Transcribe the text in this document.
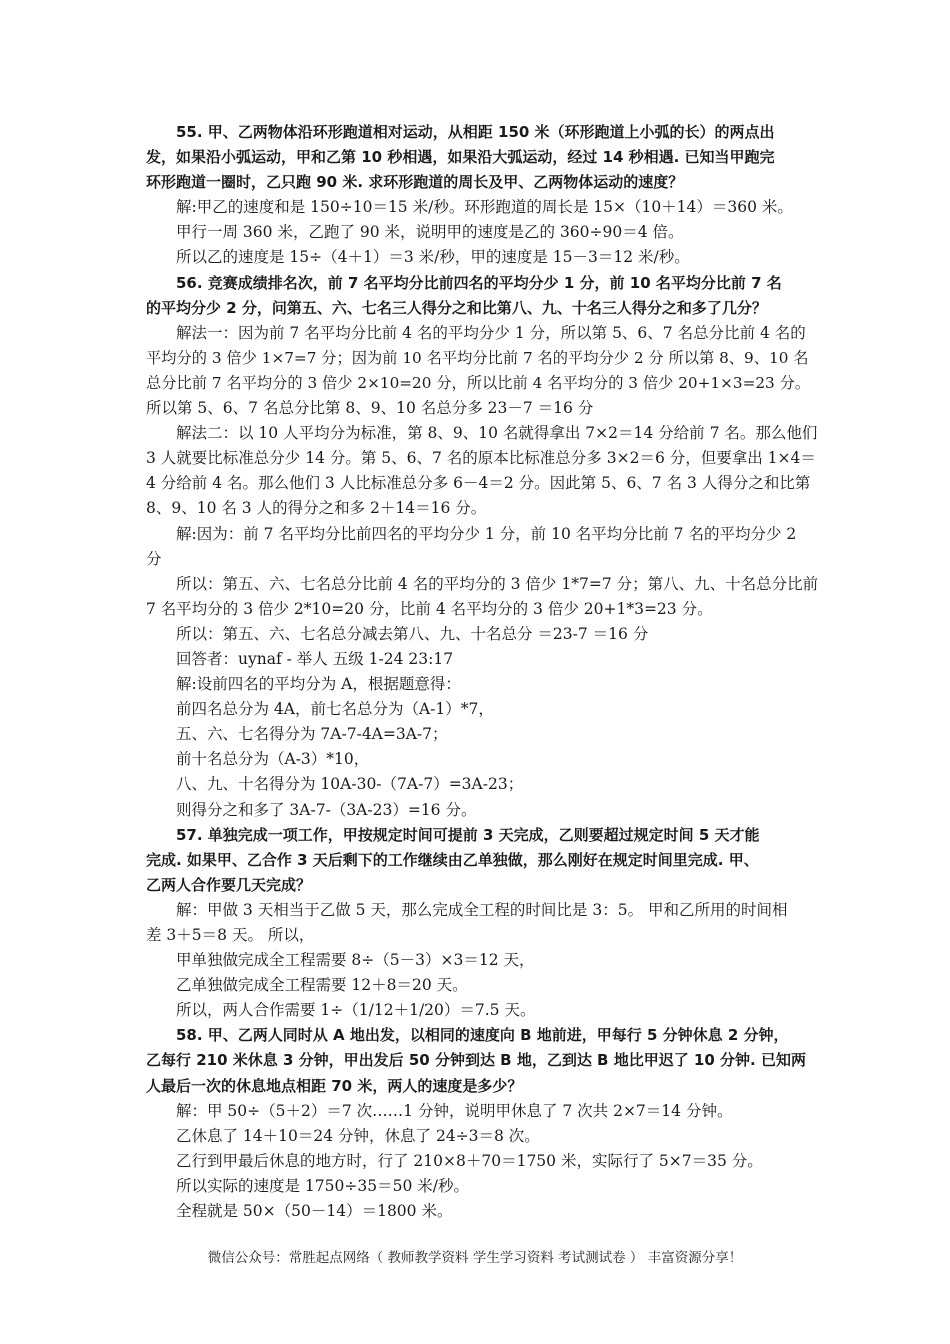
55. 甲、乙两物体沿环形跑道相对运动，从相距 150 米（环形跑道上小弧的长）的两点出
发，如果沿小弧运动，甲和乙第 10 秒相遇，如果沿大弧运动，经过 14 秒相遇. 已知当甲跑完
环形跑道一圈时，乙只跑 90 米. 求环形跑道的周长及甲、乙两物体运动的速度？
解:甲乙的速度和是 150÷10＝15 米/秒。环形跑道的周长是 15×（10＋14）＝360 米。
甲行一周 360 米，乙跑了 90 米，说明甲的速度是乙的 360÷90＝4 倍。
所以乙的速度是 15÷（4＋1）＝3 米/秒，甲的速度是 15－3＝12 米/秒。
56. 竞赛成绩排名次，前 7 名平均分比前四名的平均分少 1 分，前 10 名平均分比前 7 名
的平均分少 2 分，问第五、六、七名三人得分之和比第八、九、十名三人得分之和多了几分？
解法一：因为前 7 名平均分比前 4 名的平均分少 1 分，所以第 5、6、7 名总分比前 4 名的
平均分的 3 倍少 1×7=7 分；因为前 10 名平均分比前 7 名的平均分少 2 分 所以第 8、9、10 名
总分比前 7 名平均分的 3 倍少 2×10=20 分，所以比前 4 名平均分的 3 倍少 20+1×3=23 分。
所以第 5、6、7 名总分比第 8、9、10 名总分多 23－7 ＝16 分
解法二：以 10 人平均分为标准，第 8、9、10 名就得拿出 7×2＝14 分给前 7 名。那么他们
3 人就要比标准总分少 14 分。第 5、6、7 名的原本比标准总分多 3×2＝6 分，但要拿出 1×4＝
4 分给前 4 名。那么他们 3 人比标准总分多 6－4＝2 分。因此第 5、6、7 名 3 人得分之和比第
8、9、10 名 3 人的得分之和多 2＋14＝16 分。
解:因为：前 7 名平均分比前四名的平均分少 1 分，前 10 名平均分比前 7 名的平均分少 2
分
所以：第五、六、七名总分比前 4 名的平均分的 3 倍少 1*7=7 分；第八、九、十名总分比前
7 名平均分的 3 倍少 2*10=20 分，比前 4 名平均分的 3 倍少 20+1*3=23 分。
所以：第五、六、七名总分减去第八、九、十名总分 ＝23-7 ＝16 分
回答者：uynaf - 举人 五级 1-24 23:17
解:设前四名的平均分为 A，根据题意得：
前四名总分为 4A，前七名总分为（A-1）*7，
五、六、七名得分为 7A-7-4A=3A-7；
前十名总分为（A-3）*10，
八、九、十名得分为 10A-30-（7A-7）=3A-23；
则得分之和多了 3A-7-（3A-23）=16 分。
57. 单独完成一项工作，甲按规定时间可提前 3 天完成，乙则要超过规定时间 5 天才能
完成. 如果甲、乙合作 3 天后剩下的工作继续由乙单独做，那么刚好在规定时间里完成. 甲、
乙两人合作要几天完成？
解：甲做 3 天相当于乙做 5 天，那么完成全工程的时间比是 3：5。 甲和乙所用的时间相
差 3＋5＝8 天。 所以，
甲单独做完成全工程需要 8÷（5－3）×3＝12 天，
乙单独做完成全工程需要 12＋8＝20 天。
所以，两人合作需要 1÷（1/12＋1/20）＝7.5 天。
58. 甲、乙两人同时从 A 地出发，以相同的速度向 B 地前进，甲每行 5 分钟休息 2 分钟，
乙每行 210 米休息 3 分钟，甲出发后 50 分钟到达 B 地，乙到达 B 地比甲迟了 10 分钟. 已知两
人最后一次的休息地点相距 70 米，两人的速度是多少？
解：甲 50÷（5＋2）＝7 次……1 分钟，说明甲休息了 7 次共 2×7＝14 分钟。
乙休息了 14＋10＝24 分钟，休息了 24÷3＝8 次。
乙行到甲最后休息的地方时，行了 210×8＋70＝1750 米，实际行了 5×7＝35 分。
所以实际的速度是 1750÷35＝50 米/秒。
全程就是 50×（50－14）＝1800 米。
微信公众号：常胜起点网络（ 教师教学资料 学生学习资料 考试测试卷 ） 丰富资源分享！
